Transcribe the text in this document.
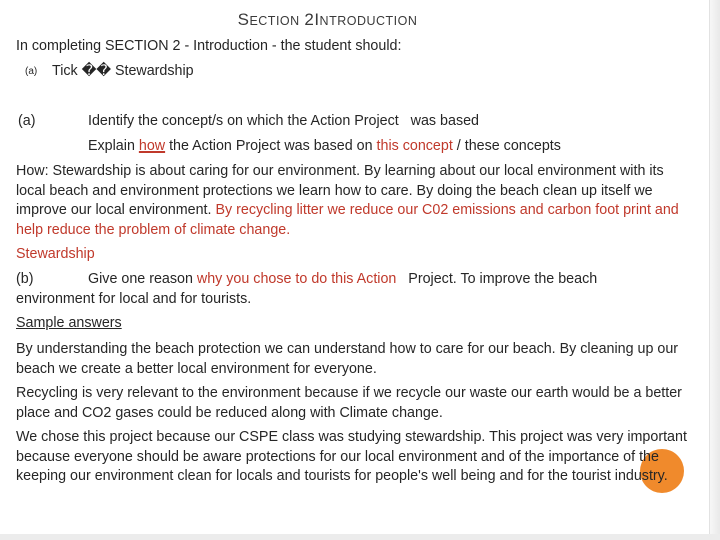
SECTION 2INTRODUCTION
In completing SECTION 2 - Introduction - the student should:
(a) Tick �� Stewardship
(a)	Identify the concept/s on which the Action Project   was based
Explain how the Action Project was based on this concept / these concepts
How: Stewardship is about caring for our environment. By learning about our local environment with its local beach and environment protections we learn how to care. By doing the beach clean up itself we improve our local environment. By recycling litter we reduce our C02 emissions and carbon foot print and help reduce the problem of climate change.
Stewardship
(b)	Give one reason why you chose to do this Action   Project. To improve the beach
environment for local and for tourists.
Sample answers
By understanding the beach protection we can understand how to care for our beach. By cleaning up our beach we create a better local environment for everyone.
Recycling is very relevant to the environment because if we recycle our waste our earth would be a better place and CO2 gases could be reduced along with Climate change.
We chose this project because our CSPE class was studying stewardship. This project was very important because everyone should be aware protections for our local environment and of the importance of the keeping our environment clean for locals and tourists for people's well being and for the tourist industry.
